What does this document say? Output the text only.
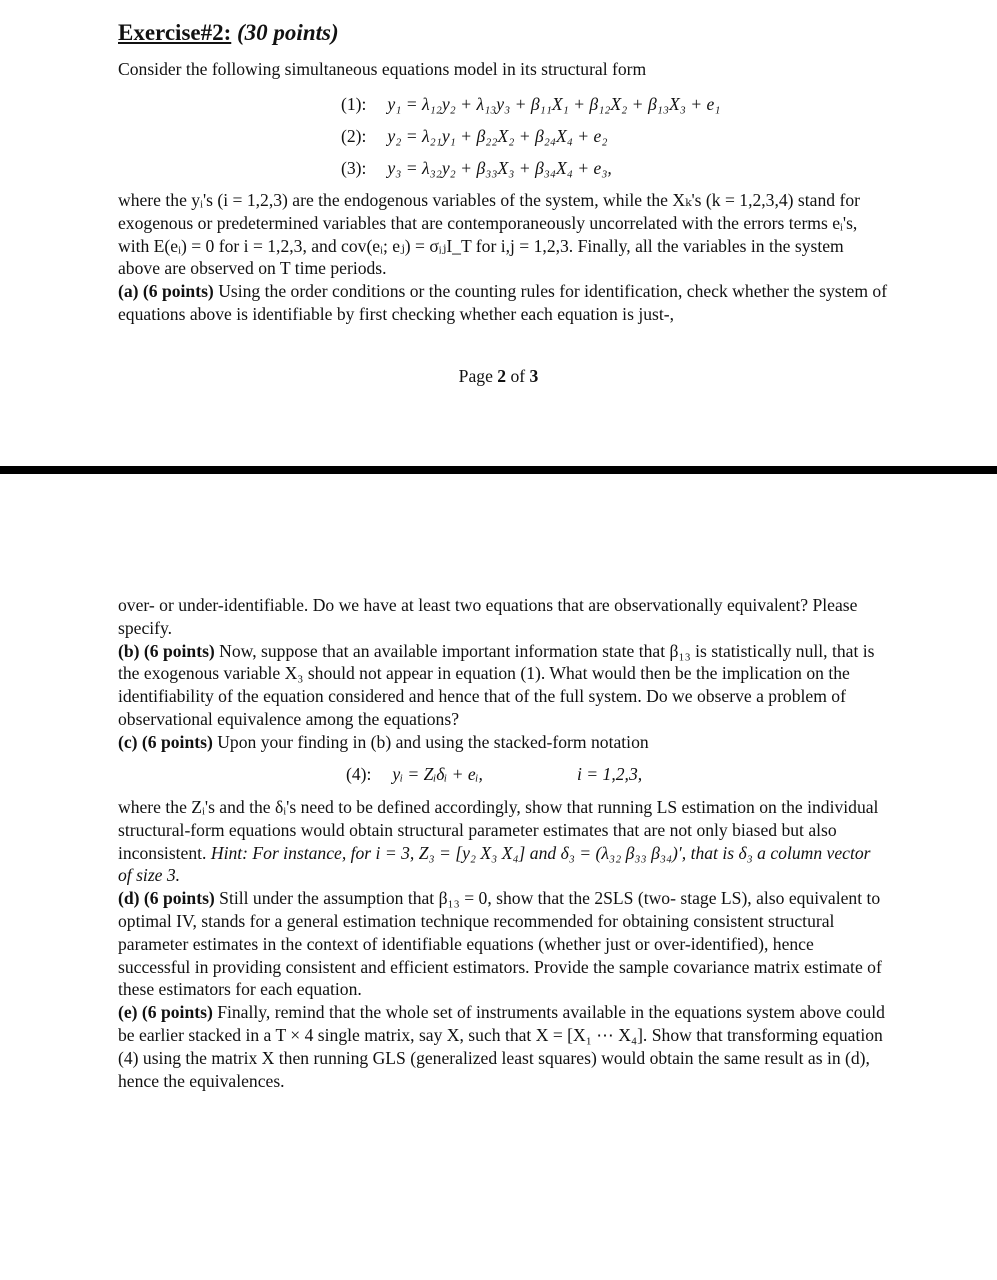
Exercise#2: (30 points)

Consider the following simultaneous equations model in its structural form

(1): y₁ = λ₁₂y₂ + λ₁₃y₃ + β₁₁X₁ + β₁₂X₂ + β₁₃X₃ + e₁
(2): y₂ = λ₂₁y₁ + β₂₂X₂ + β₂₄X₄ + e₂
(3): y₃ = λ₃₂y₂ + β₃₃X₃ + β₃₄X₄ + e₃,
where the yᵢ's (i = 1,2,3) are the endogenous variables of the system, while the Xₖ's (k = 1,2,3,4) stand for exogenous or predetermined variables that are contemporaneously uncorrelated with the errors terms eᵢ's, with E(eᵢ) = 0 for i = 1,2,3, and cov(eᵢ; eⱼ) = σᵢⱼI_T for i,j = 1,2,3. Finally, all the variables in the system above are observed on T time periods.
(a) (6 points) Using the order conditions or the counting rules for identification, check whether the system of equations above is identifiable by first checking whether each equation is just-,
Page 2 of 3
over- or under-identifiable. Do we have at least two equations that are observationally equivalent? Please specify.
(b) (6 points) Now, suppose that an available important information state that β₁₃ is statistically null, that is the exogenous variable X₃ should not appear in equation (1). What would then be the implication on the identifiability of the equation considered and hence that of the full system. Do we observe a problem of observational equivalence among the equations?
(c) (6 points) Upon your finding in (b) and using the stacked-form notation
(4): yᵢ = Zᵢδᵢ + eᵢ,	i = 1,2,3,
where the Zᵢ's and the δᵢ's need to be defined accordingly, show that running LS estimation on the individual structural-form equations would obtain structural parameter estimates that are not only biased but also inconsistent. Hint: For instance, for i = 3, Z₃ = [y₂ X₃ X₄] and δ₃ = (λ₃₂ β₃₃ β₃₄)′, that is δ₃ a column vector of size 3.
(d) (6 points) Still under the assumption that β₁₃ = 0, show that the 2SLS (two- stage LS), also equivalent to optimal IV, stands for a general estimation technique recommended for obtaining consistent structural parameter estimates in the context of identifiable equations (whether just or over-identified), hence successful in providing consistent and efficient estimators. Provide the sample covariance matrix estimate of these estimators for each equation.
(e) (6 points) Finally, remind that the whole set of instruments available in the equations system above could be earlier stacked in a T × 4 single matrix, say X, such that X = [X₁ ⋯ X₄]. Show that transforming equation (4) using the matrix X then running GLS (generalized least squares) would obtain the same result as in (d), hence the equivalences.
